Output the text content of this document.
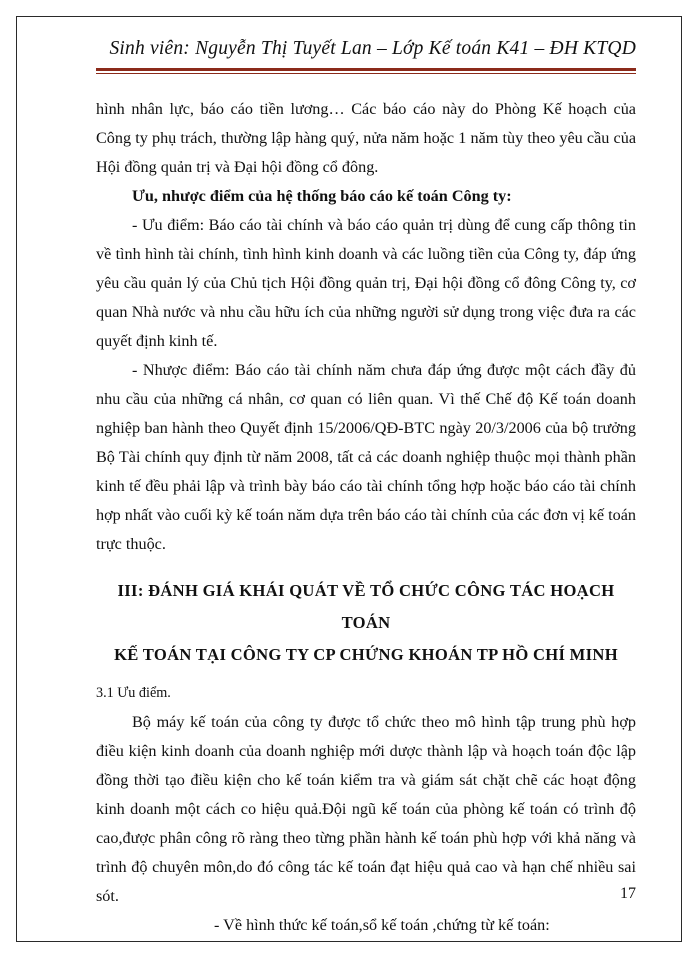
Sinh viên: Nguyễn Thị Tuyết Lan – Lớp Kế toán K41 – ĐH KTQD

hình nhân lực, báo cáo tiền lương… Các báo cáo này do Phòng Kế hoạch của Công ty phụ trách, thường lập hàng quý, nửa năm hoặc 1 năm tùy theo yêu cầu của Hội đồng quản trị và Đại hội đồng cổ đông.

Ưu, nhược điểm của hệ thống báo cáo kế toán Công ty:

- Ưu điểm: Báo cáo tài chính và báo cáo quản trị dùng để cung cấp thông tin về tình hình tài chính, tình hình kinh doanh và các luồng tiền của Công ty, đáp ứng yêu cầu quản lý của Chủ tịch Hội đồng quản trị, Đại hội đồng cổ đông Công ty, cơ quan Nhà nước và nhu cầu hữu ích của những người sử dụng trong việc đưa ra các quyết định kinh tế.

- Nhược điểm: Báo cáo tài chính năm chưa đáp ứng được một cách đầy đủ nhu cầu của những cá nhân, cơ quan có liên quan. Vì thế Chế độ Kế toán doanh nghiệp ban hành theo Quyết định 15/2006/QĐ-BTC ngày 20/3/2006 của bộ trưởng Bộ Tài chính quy định từ năm 2008, tất cả các doanh nghiệp thuộc mọi thành phần kinh tế đều phải lập và trình bày báo cáo tài chính tổng hợp hoặc báo cáo tài chính hợp nhất vào cuối kỳ kế toán năm dựa trên báo cáo tài chính của các đơn vị kế toán trực thuộc.

III: ĐÁNH GIÁ KHÁI QUÁT VỀ TỔ CHỨC CÔNG TÁC HOẠCH TOÁN
KẾ TOÁN TẠI CÔNG TY CP CHỨNG KHOÁN TP HỒ CHÍ MINH

3.1 Ưu điểm.

Bộ máy kế toán của công ty được tổ chức theo mô hình tập trung phù hợp điều kiện kinh doanh của doanh nghiệp mới dược thành lập và hoạch toán độc lập đồng thời tạo điều kiện cho kế toán kiểm tra và giám sát chặt chẽ các hoạt động kinh doanh một cách co hiệu quả.Đội ngũ kế toán của phòng kế toán có trình độ cao,được phân công rõ ràng theo từng phần hành kế toán phù hợp với khả năng và trình độ chuyên môn,do đó công tác kế toán đạt hiệu quả cao và hạn chế nhiều sai sót.

- Về hình thức kế toán,sổ kế toán ,chứng từ kế toán:

17
